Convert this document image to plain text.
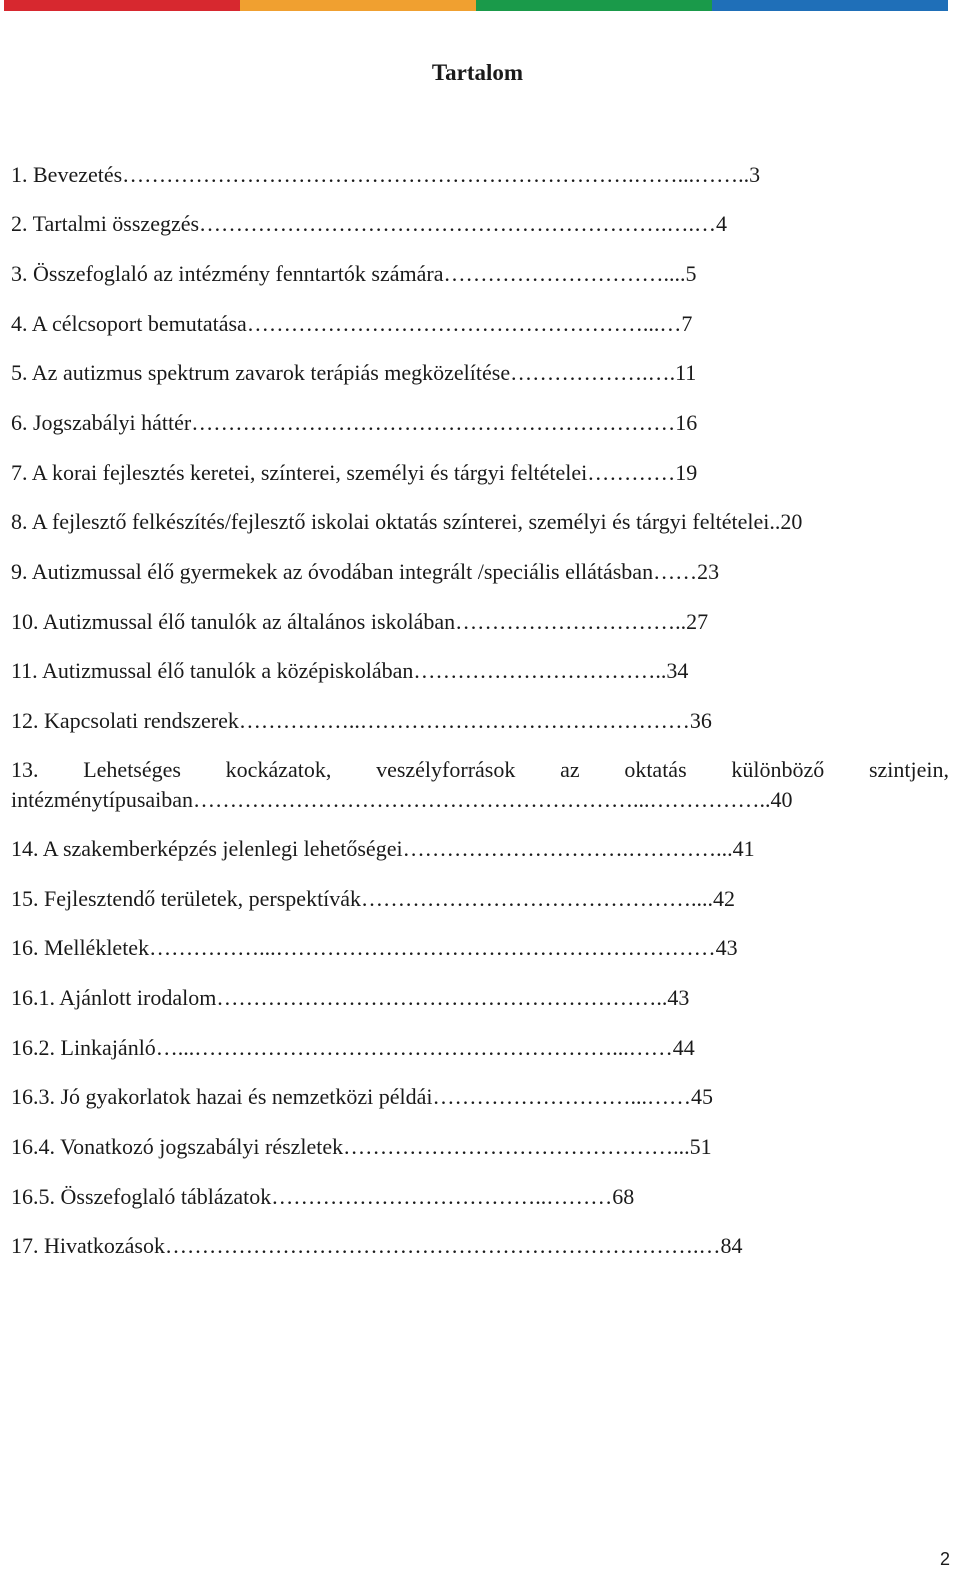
Tartalom
1. Bevezetés…………………………………………………………….……...……..3
2. Tartalmi összegzés……………………………………………………….….…4
3. Összefoglaló az intézmény fenntartók számára…………………………....5
4. A célcsoport bemutatása………………………………………………...…7
5. Az autizmus spektrum zavarok terápiás megközelítése……………….….11
6. Jogszabályi háttér…………………………………………………………16
7. A korai fejlesztés keretei, színterei, személyi és tárgyi feltételei…………19
8. A fejlesztő felkészítés/fejlesztő iskolai oktatás színterei, személyi és tárgyi feltételei..20
9. Autizmussal élő gyermekek az óvodában integrált /speciális ellátásban……23
10. Autizmussal élő tanulók az általános iskolában…………………………..27
11. Autizmussal élő tanulók a középiskolában……………………………..34
12. Kapcsolati rendszerek……………..………………………………………36
13. Lehetséges kockázatok, veszélyforrások az oktatás különböző szintjein, intézménytípusaiban……………………………………………………...……………..40
14. A szakemberképzés jelenlegi lehetőségei………………………….…………...41
15. Fejlesztendő területek, perspektívák………………………………………....42
16. Mellékletek……………...……………………………………………………43
16.1. Ajánlott irodalom……………………………………………………..43
16.2. Linkajánló…...…………………………………………………...……44
16.3. Jó gyakorlatok hazai és nemzetközi példái………………………...……45
16.4. Vonatkozó jogszabályi részletek………………………………………...51
16.5. Összefoglaló táblázatok………………………………..………68
17. Hivatkozások……………………………………………………………….…84
2
